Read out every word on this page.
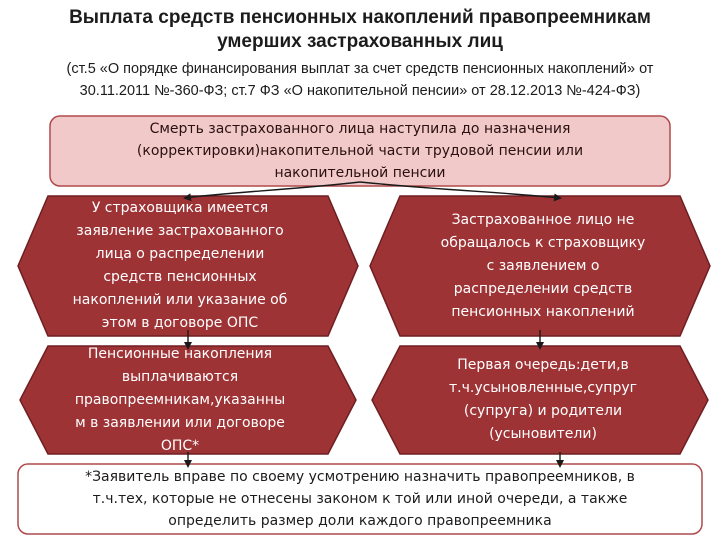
Выплата средств пенсионных накоплений правопреемникам
умерших застрахованных лиц
(ст.5 «О порядке финансирования выплат за счет средств пенсионных накоплений» от
30.11.2011 №-360-ФЗ; ст.7 ФЗ «О накопительной пенсии» от 28.12.2013 №-424-ФЗ)
Смерть застрахованного лица наступила до назначения
(корректировки)накопительной части трудовой пенсии или
накопительной пенсии
У страховщика имеется
заявление застрахованного
лица о распределении
средств пенсионных
накоплений или указание об
этом в договоре ОПС
Застрахованное лицо не
обращалось к страховщику
с заявлением о
распределении средств
пенсионных накоплений
Пенсионные накопления
выплачиваются
правопреемникам,указанны
м в заявлении или договоре
ОПС*
Первая очередь:дети,в
т.ч.усыновленные,супруг
(супруга) и родители
(усыновители)
*Заявитель вправе по своему усмотрению назначить правопреемников, в
т.ч.тех, которые не отнесены законом к той или иной очереди, а также
определить размер доли каждого правопреемника
